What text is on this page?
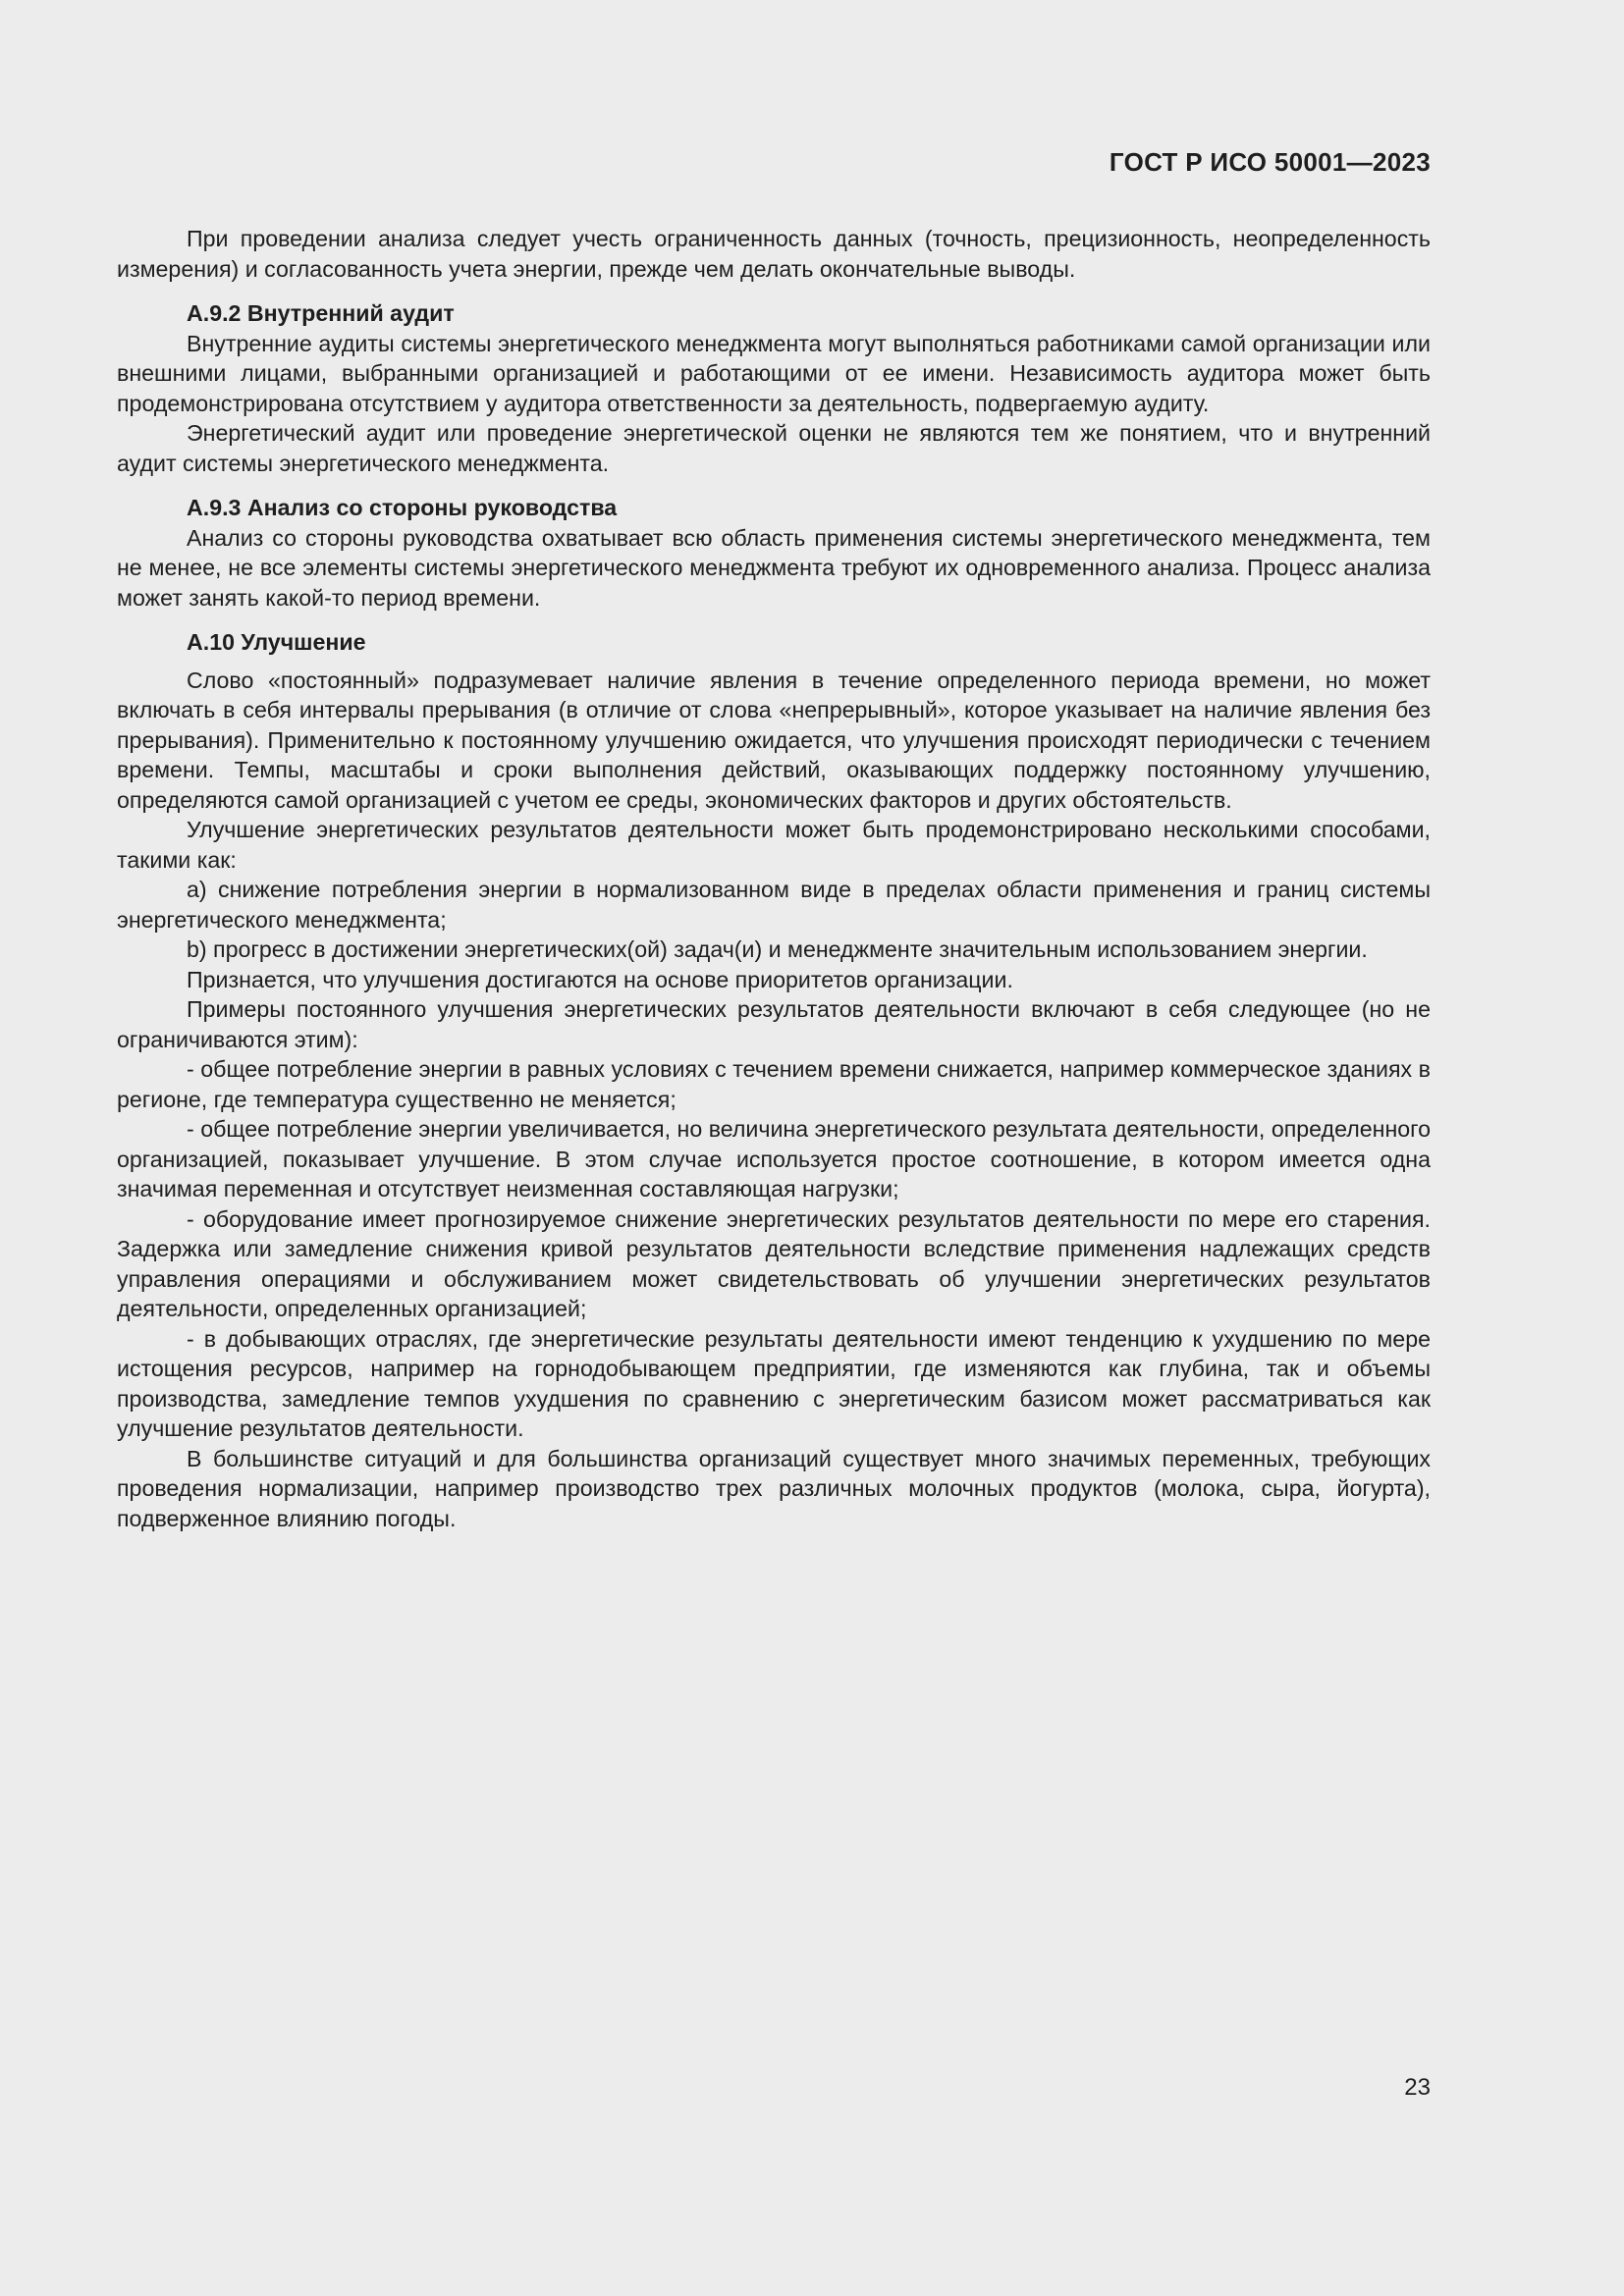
ГОСТ Р ИСО 50001—2023

При проведении анализа следует учесть ограниченность данных (точность, прецизионность, неопределенность измерения) и согласованность учета энергии, прежде чем делать окончательные выводы.

А.9.2 Внутренний аудит

Внутренние аудиты системы энергетического менеджмента могут выполняться работниками самой организации или внешними лицами, выбранными организацией и работающими от ее имени. Независимость аудитора может быть продемонстрирована отсутствием у аудитора ответственности за деятельность, подвергаемую аудиту.

Энергетический аудит или проведение энергетической оценки не являются тем же понятием, что и внутренний аудит системы энергетического менеджмента.

А.9.3 Анализ со стороны руководства

Анализ со стороны руководства охватывает всю область применения системы энергетического менеджмента, тем не менее, не все элементы системы энергетического менеджмента требуют их одновременного анализа. Процесс анализа может занять какой-то период времени.

А.10 Улучшение

Слово «постоянный» подразумевает наличие явления в течение определенного периода времени, но может включать в себя интервалы прерывания (в отличие от слова «непрерывный», которое указывает на наличие явления без прерывания). Применительно к постоянному улучшению ожидается, что улучшения происходят периодически с течением времени. Темпы, масштабы и сроки выполнения действий, оказывающих поддержку постоянному улучшению, определяются самой организацией с учетом ее среды, экономических факторов и других обстоятельств.

Улучшение энергетических результатов деятельности может быть продемонстрировано несколькими способами, такими как:

a) снижение потребления энергии в нормализованном виде в пределах области применения и границ системы энергетического менеджмента;

b) прогресс в достижении энергетических(ой) задач(и) и менеджменте значительным использованием энергии.

Признается, что улучшения достигаются на основе приоритетов организации.

Примеры постоянного улучшения энергетических результатов деятельности включают в себя следующее (но не ограничиваются этим):

- общее потребление энергии в равных условиях с течением времени снижается, например коммерческое зданиях в регионе, где температура существенно не меняется;

- общее потребление энергии увеличивается, но величина энергетического результата деятельности, определенного организацией, показывает улучшение. В этом случае используется простое соотношение, в котором имеется одна значимая переменная и отсутствует неизменная составляющая нагрузки;

- оборудование имеет прогнозируемое снижение энергетических результатов деятельности по мере его старения. Задержка или замедление снижения кривой результатов деятельности вследствие применения надлежащих средств управления операциями и обслуживанием может свидетельствовать об улучшении энергетических результатов деятельности, определенных организацией;

- в добывающих отраслях, где энергетические результаты деятельности имеют тенденцию к ухудшению по мере истощения ресурсов, например на горнодобывающем предприятии, где изменяются как глубина, так и объемы производства, замедление темпов ухудшения по сравнению с энергетическим базисом может рассматриваться как улучшение результатов деятельности.

В большинстве ситуаций и для большинства организаций существует много значимых переменных, требующих проведения нормализации, например производство трех различных молочных продуктов (молока, сыра, йогурта), подверженное влиянию погоды.

23
